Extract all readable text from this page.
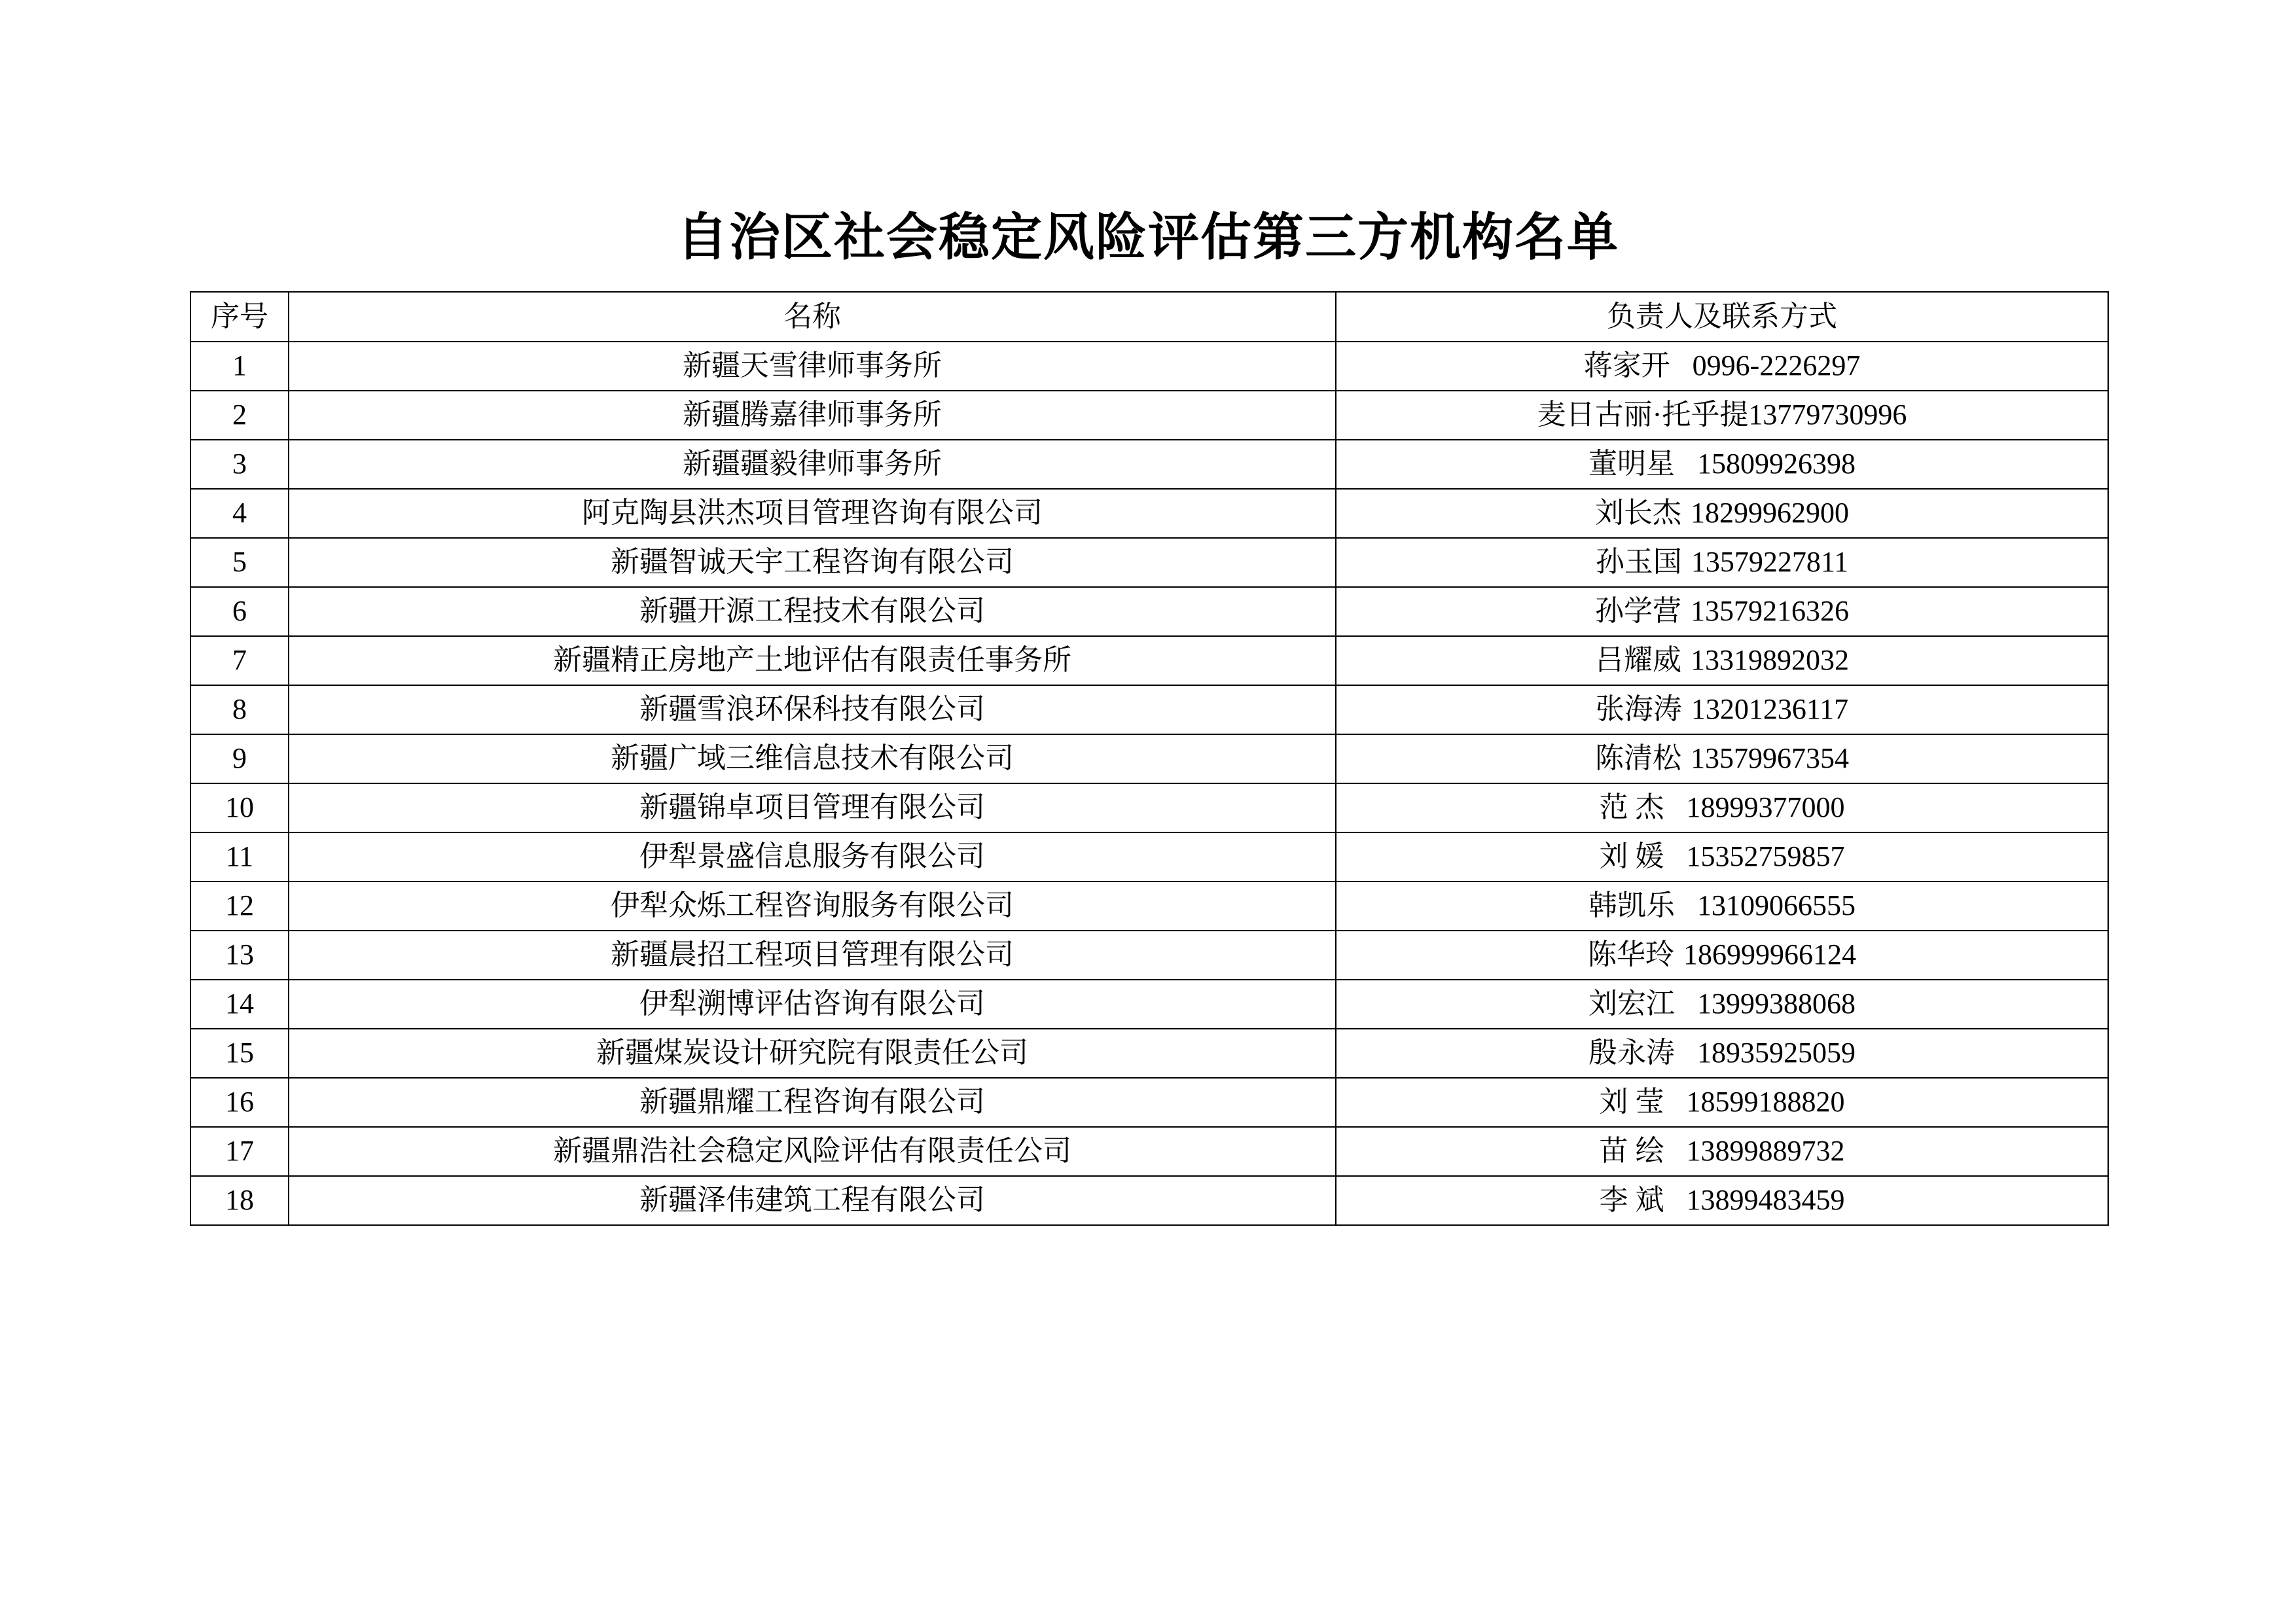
自治区社会稳定风险评估第三方机构名单
序号	名称	负责人及联系方式
1	新疆天雪律师事务所	蒋家开 0996-2226297
2	新疆腾嘉律师事务所	麦日古丽·托乎提13779730996
3	新疆疆毅律师事务所	董明星 15809926398
4	阿克陶县洪杰项目管理咨询有限公司	刘长杰 18299962900
5	新疆智诚天宇工程咨询有限公司	孙玉国 13579227811
6	新疆开源工程技术有限公司	孙学营 13579216326
7	新疆精正房地产土地评估有限责任事务所	吕耀威 13319892032
8	新疆雪浪环保科技有限公司	张海涛 13201236117
9	新疆广域三维信息技术有限公司	陈清松 13579967354
10	新疆锦卓项目管理有限公司	范 杰 18999377000
11	伊犁景盛信息服务有限公司	刘 媛 15352759857
12	伊犁众烁工程咨询服务有限公司	韩凯乐 13109066555
13	新疆晨招工程项目管理有限公司	陈华玲 186999966124
14	伊犁溯博评估咨询有限公司	刘宏江 13999388068
15	新疆煤炭设计研究院有限责任公司	殷永涛 18935925059
16	新疆鼎耀工程咨询有限公司	刘 莹 18599188820
17	新疆鼎浩社会稳定风险评估有限责任公司	苗 绘 13899889732
18	新疆泽伟建筑工程有限公司	李 斌 13899483459
